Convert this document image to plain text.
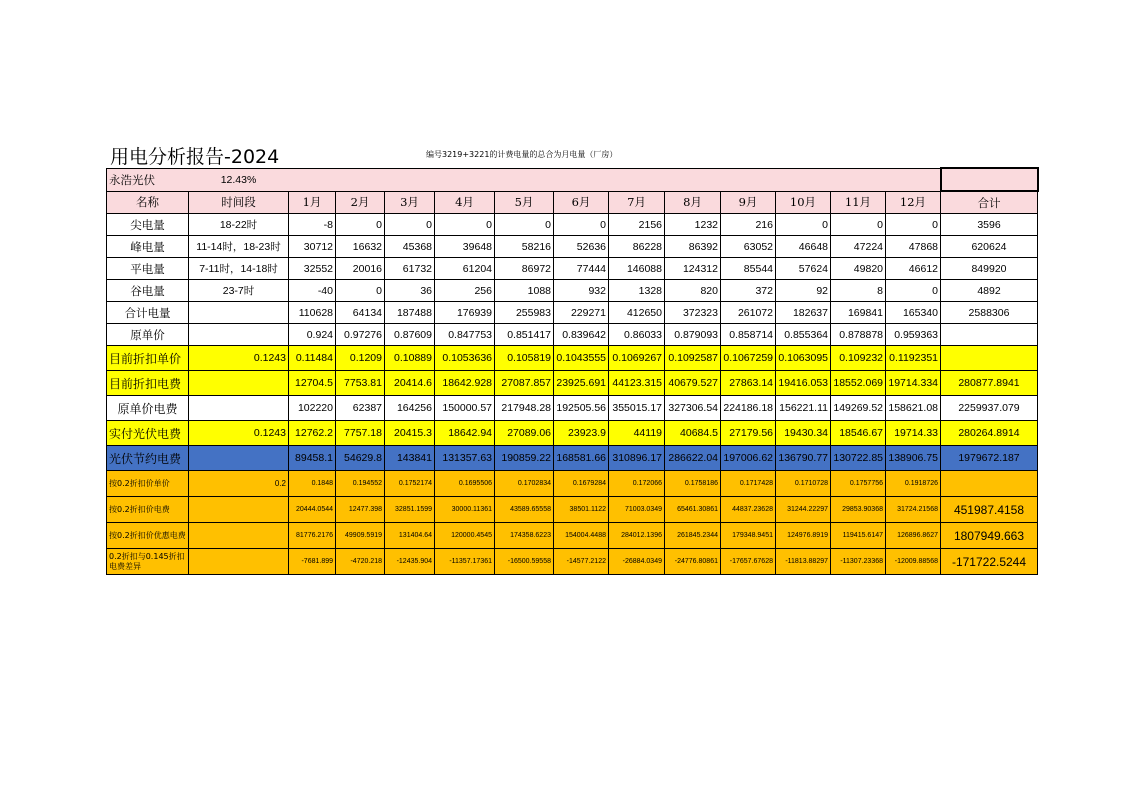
用电分析报告-2024	编号3219+3221的计费电量的总合为月电量（厂房）
永浩光伏	12.43%													
名称	时间段	1月	2月	3月	4月	5月	6月	7月	8月	9月	10月	11月	12月	合计
尖电量	18-22时	-8	0	0	0	0	0	2156	1232	216	0	0	0	3596
峰电量	11-14时，18-23时	30712	16632	45368	39648	58216	52636	86228	86392	63052	46648	47224	47868	620624
平电量	7-11时，14-18时	32552	20016	61732	61204	86972	77444	146088	124312	85544	57624	49820	46612	849920
谷电量	23-7时	-40	0	36	256	1088	932	1328	820	372	92	8	0	4892
合计电量		110628	64134	187488	176939	255983	229271	412650	372323	261072	182637	169841	165340	2588306
原单价		0.924	0.97276	0.87609	0.847753	0.851417	0.839642	0.86033	0.879093	0.858714	0.855364	0.878878	0.959363	
目前折扣单价	0.1243	0.11484	0.1209	0.10889	0.1053636	0.105819	0.1043555	0.1069267	0.1092587	0.1067259	0.1063095	0.109232	0.1192351	
目前折扣电费		12704.5	7753.81	20414.6	18642.928	27087.857	23925.691	44123.315	40679.527	27863.14	19416.053	18552.069	19714.334	280877.8941
原单价电费		102220	62387	164256	150000.57	217948.28	192505.56	355015.17	327306.54	224186.18	156221.11	149269.52	158621.08	2259937.079
实付光伏电费	0.1243	12762.2	7757.18	20415.3	18642.94	27089.06	23923.9	44119	40684.5	27179.56	19430.34	18546.67	19714.33	280264.8914
光伏节约电费		89458.1	54629.8	143841	131357.63	190859.22	168581.66	310896.17	286622.04	197006.62	136790.77	130722.85	138906.75	1979672.187
按0.2折扣价单价	0.2	0.1848	0.194552	0.1752174	0.1695506	0.1702834	0.1679284	0.172066	0.1758186	0.1717428	0.1710728	0.1757756	0.1918726	
按0.2折扣价电费		20444.0544	12477.398	32851.1599	30000.11361	43589.65558	38501.1122	71003.0349	65461.30861	44837.23628	31244.22297	29853.90368	31724.21568	451987.4158
按0.2折扣价优惠电费		81776.2176	49909.5919	131404.64	120000.4545	174358.6223	154004.4488	284012.1396	261845.2344	179348.9451	124976.8919	119415.6147	126896.8627	1807949.663
0.2折扣与0.145折扣电费差异		-7681.899	-4720.218	-12435.904	-11357.17361	-16500.59558	-14577.2122	-26884.0349	-24776.80861	-17657.67628	-11813.88297	-11307.23368	-12009.88568	-171722.5244
